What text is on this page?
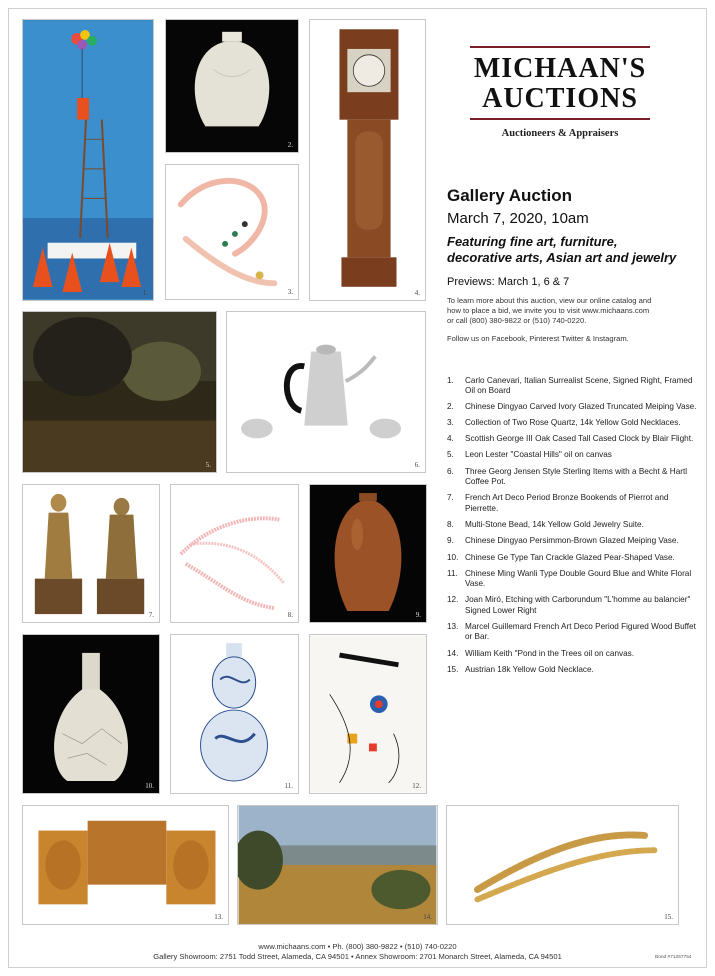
1.
2.
3.	4.
MICHAAN'S
AUCTIONS
Auctioneers & Appraisers
Gallery Auction
March 7, 2020, 10am
Featuring fine art, furniture,
decorative arts, Asian art and jewelry
Previews: March 1, 6 & 7
To learn more about this auction, view our online catalog and
how to place a bid, we invite you to visit www.michaans.com
or call (800) 380-9822 or (510) 740-0220.
Follow us on Facebook, Pinterest Twitter & Instagram.
1.	Carlo Canevari, Italian Surrealist Scene, Signed Right, Framed Oil on Board
2.	Chinese Dingyao Carved Ivory Glazed Truncated Meiping Vase.
3.	Collection of Two Rose Quartz, 14k Yellow Gold Necklaces.
4.	Scottish George III Oak Cased Tall Cased Clock by Blair Flight.
5.	Leon Lester "Coastal Hills" oil on canvas
6.	Three Georg Jensen Style Sterling Items with a Becht & Hartl Coffee Pot.
7.	French Art Deco Period Bronze Bookends of Pierrot and Pierrette.
8.	Multi-Stone Bead, 14k Yellow Gold Jewelry Suite.
9.	Chinese Dingyao Persimmon-Brown Glazed Meiping Vase.
10. Chinese Ge Type Tan Crackle Glazed Pear-Shaped Vase.
11. Chinese Ming Wanli Type Double Gourd Blue and White Floral Vase.
12. Joan Miró, Etching with Carborundum "L'homme au balancier" Signed Lower Right
13. Marcel Guillemard French Art Deco Period Figured Wood Buffet or Bar.
14. William Keith "Pond in the Trees oil on canvas.
15. Austrian 18k Yellow Gold Necklace.
5.	6.
7.	8.	9.
10.	11.	12.
13.	14.	15.
www.michaans.com • Ph. (800) 380-9822 • (510) 740-0220
Gallery Showroom: 2751 Todd Street, Alameda, CA 94501 • Annex Showroom: 2701 Monarch Street, Alameda, CA 94501	Bond #71257754
